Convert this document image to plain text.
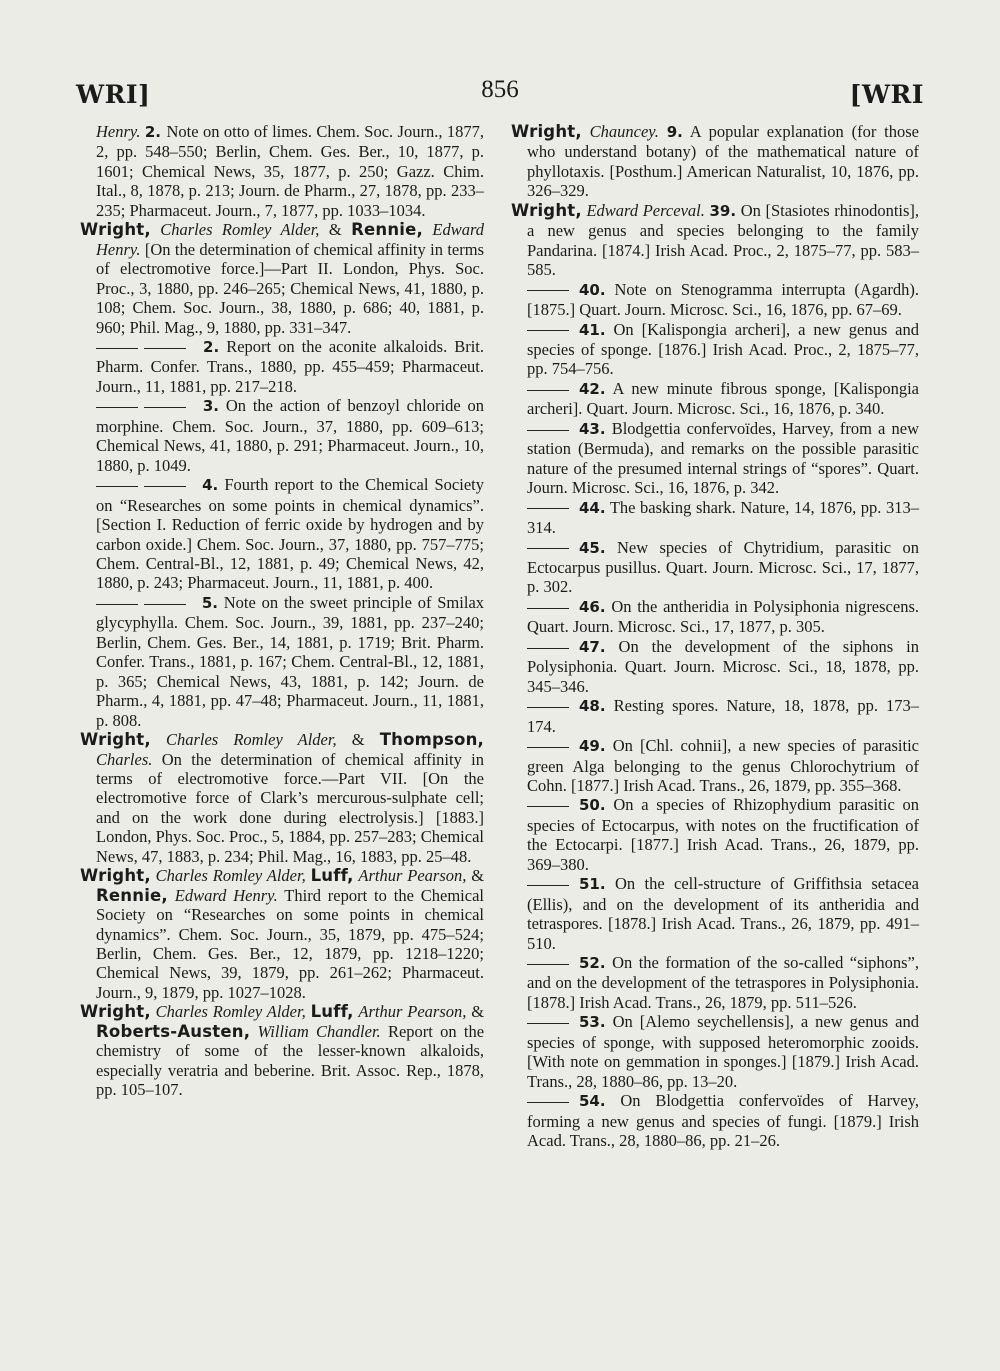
WRI]	856	[WRI

Henry. 2. Note on otto of limes. Chem. Soc. Journ., 1877, 2, pp. 548–550; Berlin, Chem. Ges. Ber., 10, 1877, p. 1601; Chemical News, 35, 1877, p. 250; Gazz. Chim. Ital., 8, 1878, p. 213; Journ. de Pharm., 27, 1878, pp. 233–235; Pharmaceut. Journ., 7, 1877, pp. 1033–1034.

Wright, Charles Romley Alder, & Rennie, Edward Henry. [On the determination of chemical affinity in terms of electromotive force.]—Part II. London, Phys. Soc. Proc., 3, 1880, pp. 246–265; Chemical News, 41, 1880, p. 108; Chem. Soc. Journ., 38, 1880, p. 686; 40, 1881, p. 960; Phil. Mag., 9, 1880, pp. 331–347.

2. Report on the aconite alkaloids. Brit. Pharm. Confer. Trans., 1880, pp. 455–459; Pharmaceut. Journ., 11, 1881, pp. 217–218.

3. On the action of benzoyl chloride on morphine. Chem. Soc. Journ., 37, 1880, pp. 609–613; Chemical News, 41, 1880, p. 291; Pharmaceut. Journ., 10, 1880, p. 1049.

4. Fourth report to the Chemical Society on “Researches on some points in chemical dynamics”. [Section I. Reduction of ferric oxide by hydrogen and by carbon oxide.] Chem. Soc. Journ., 37, 1880, pp. 757–775; Chem. Central-Bl., 12, 1881, p. 49; Chemical News, 42, 1880, p. 243; Pharmaceut. Journ., 11, 1881, p. 400.

5. Note on the sweet principle of Smilax glycyphylla. Chem. Soc. Journ., 39, 1881, pp. 237–240; Berlin, Chem. Ges. Ber., 14, 1881, p. 1719; Brit. Pharm. Confer. Trans., 1881, p. 167; Chem. Central-Bl., 12, 1881, p. 365; Chemical News, 43, 1881, p. 142; Journ. de Pharm., 4, 1881, pp. 47–48; Pharmaceut. Journ., 11, 1881, p. 808.

Wright, Charles Romley Alder, & Thompson, Charles. On the determination of chemical affinity in terms of electromotive force.—Part VII. [On the electromotive force of Clark’s mercurous-sulphate cell; and on the work done during electrolysis.] [1883.] London, Phys. Soc. Proc., 5, 1884, pp. 257–283; Chemical News, 47, 1883, p. 234; Phil. Mag., 16, 1883, pp. 25–48.

Wright, Charles Romley Alder, Luff, Arthur Pearson, & Rennie, Edward Henry. Third report to the Chemical Society on “Researches on some points in chemical dynamics”. Chem. Soc. Journ., 35, 1879, pp. 475–524; Berlin, Chem. Ges. Ber., 12, 1879, pp. 1218–1220; Chemical News, 39, 1879, pp. 261–262; Pharmaceut. Journ., 9, 1879, pp. 1027–1028.

Wright, Charles Romley Alder, Luff, Arthur Pearson, & Roberts-Austen, William Chandler. Report on the chemistry of some of the lesser-known alkaloids, especially veratria and beberine. Brit. Assoc. Rep., 1878, pp. 105–107.

Wright, Chauncey. 9. A popular explanation (for those who understand botany) of the mathematical nature of phyllotaxis. [Posthum.] American Naturalist, 10, 1876, pp. 326–329.

Wright, Edward Perceval. 39. On [Stasiotes rhinodontis], a new genus and species belonging to the family Pandarina. [1874.] Irish Acad. Proc., 2, 1875–77, pp. 583–585.

40. Note on Stenogramma interrupta (Agardh). [1875.] Quart. Journ. Microsc. Sci., 16, 1876, pp. 67–69.

41. On [Kalispongia archeri], a new genus and species of sponge. [1876.] Irish Acad. Proc., 2, 1875–77, pp. 754–756.

42. A new minute fibrous sponge, [Kalispongia archeri]. Quart. Journ. Microsc. Sci., 16, 1876, p. 340.

43. Blodgettia confervoïdes, Harvey, from a new station (Bermuda), and remarks on the possible parasitic nature of the presumed internal strings of “spores”. Quart. Journ. Microsc. Sci., 16, 1876, p. 342.

44. The basking shark. Nature, 14, 1876, pp. 313–314.

45. New species of Chytridium, parasitic on Ectocarpus pusillus. Quart. Journ. Microsc. Sci., 17, 1877, p. 302.

46. On the antheridia in Polysiphonia nigrescens. Quart. Journ. Microsc. Sci., 17, 1877, p. 305.

47. On the development of the siphons in Polysiphonia. Quart. Journ. Microsc. Sci., 18, 1878, pp. 345–346.

48. Resting spores. Nature, 18, 1878, pp. 173–174.

49. On [Chl. cohnii], a new species of parasitic green Alga belonging to the genus Chlorochytrium of Cohn. [1877.] Irish Acad. Trans., 26, 1879, pp. 355–368.

50. On a species of Rhizophydium parasitic on species of Ectocarpus, with notes on the fructification of the Ectocarpi. [1877.] Irish Acad. Trans., 26, 1879, pp. 369–380.

51. On the cell-structure of Griffithsia setacea (Ellis), and on the development of its antheridia and tetraspores. [1878.] Irish Acad. Trans., 26, 1879, pp. 491–510.

52. On the formation of the so-called “siphons”, and on the development of the tetraspores in Polysiphonia. [1878.] Irish Acad. Trans., 26, 1879, pp. 511–526.

53. On [Alemo seychellensis], a new genus and species of sponge, with supposed heteromorphic zooids. [With note on gemmation in sponges.] [1879.] Irish Acad. Trans., 28, 1880–86, pp. 13–20.

54. On Blodgettia confervoïdes of Harvey, forming a new genus and species of fungi. [1879.] Irish Acad. Trans., 28, 1880–86, pp. 21–26.
